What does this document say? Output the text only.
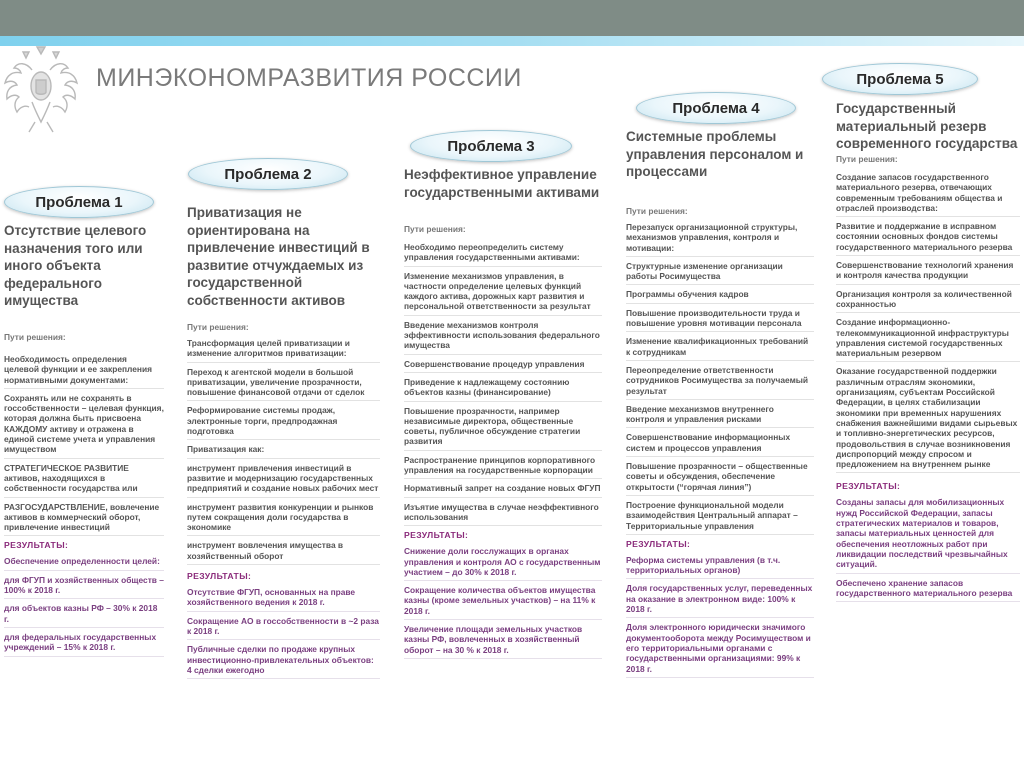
МИНЭКОНОМРАЗВИТИЯ РОССИИ
Проблема 1
Проблема 2
Проблема 3
Проблема 4
Проблема 5
Отсутствие целевого назначения того или иного объекта федерального имущества
Пути решения:
Необходимость определения целевой функции и ее закрепления нормативными документами:
Сохранять или не сохранять в госсобственности – целевая функция, которая должна быть присвоена КАЖДОМУ активу и отражена в единой системе учета и управления имуществом
СТРАТЕГИЧЕСКОЕ РАЗВИТИЕ активов, находящихся в собственности государства или
РАЗГОСУДАРСТВЛЕНИЕ, вовлечение активов в коммерческий оборот, привлечение инвестиций
РЕЗУЛЬТАТЫ:
Обеспечение определенности целей:
для ФГУП и хозяйственных обществ – 100% к 2018 г.
для объектов казны РФ – 30% к 2018 г.
для федеральных государственных учреждений – 15% к 2018 г.
Приватизация не ориентирована на привлечение инвестиций в развитие отчуждаемых из государственной собственности активов
Пути решения:
Трансформация целей приватизации и изменение алгоритмов приватизации:
Переход к агентской модели в большой приватизации, увеличение прозрачности, повышение финансовой отдачи от сделок
Реформирование системы продаж, электронные торги, предпродажная подготовка
Приватизация как:
инструмент привлечения инвестиций в развитие и модернизацию государственных предприятий и создание новых рабочих мест
инструмент развития конкуренции и рынков путем сокращения доли государства в экономике
инструмент вовлечения имущества в хозяйственный оборот
РЕЗУЛЬТАТЫ:
Отсутствие ФГУП, основанных на праве хозяйственного ведения к 2018 г.
Сокращение АО в госсобственности в ~2 раза к 2018 г.
Публичные сделки по продаже крупных инвестиционно-привлекательных объектов: 4 сделки ежегодно
Неэффективное управление государственными активами
Пути решения:
Необходимо переопределить систему управления государственными активами:
Изменение механизмов управления, в частности определение целевых функций каждого актива, дорожных карт развития и персональной ответственности за результат
Введение механизмов контроля эффективности использования федерального имущества
Совершенствование процедур управления
Приведение к надлежащему состоянию объектов казны (финансирование)
Повышение прозрачности, например независимые директора, общественные советы, публичное обсуждение стратегии развития
Распространение принципов корпоративного управления на государственные корпорации
Нормативный запрет на создание новых ФГУП
Изъятие имущества в случае неэффективного использования
РЕЗУЛЬТАТЫ:
Снижение доли госслужащих в органах управления и контроля АО с государственным участием – до 30% к 2018 г.
Сокращение количества объектов имущества казны (кроме земельных участков) – на 11% к 2018 г.
Увеличение площади земельных участков казны РФ, вовлеченных в хозяйственный оборот – на 30 % к 2018 г.
Системные проблемы управления персоналом и процессами
Пути решения:
Перезапуск организационной структуры, механизмов управления, контроля и мотивации:
Структурные изменение организации работы Росимущества
Программы обучения кадров
Повышение производительности труда и повышение уровня мотивации персонала
Изменение квалификационных требований к сотрудникам
Переопределение ответственности сотрудников Росимущества за получаемый результат
Введение механизмов внутреннего контроля и управления рисками
Совершенствование информационных систем и процессов управления
Повышение прозрачности – общественные советы и обсуждения, обеспечение открытости (“горячая линия”)
Построение функциональной модели взаимодействия Центральный аппарат – Территориальные управления
РЕЗУЛЬТАТЫ:
Реформа системы управления (в т.ч. территориальных органов)
Доля государственных услуг, переведенных на оказание в электронном виде: 100% к 2018 г.
Доля электронного юридически значимого документооборота между Росимуществом и его территориальными органами с государственными организациями: 99% к 2018 г.
Государственный материальный резерв современного государства
Пути решения:
Создание запасов государственного материального резерва, отвечающих современным требованиям общества и отраслей производства:
Развитие и поддержание в исправном состоянии основных фондов системы государственного материального резерва
Совершенствование технологий хранения и контроля качества продукции
Организация контроля за количественной сохранностью
Создание информационно-телекоммуникационной инфраструктуры управления системой государственных материальным резервом
Оказание государственной поддержки различным отраслям экономики, организациям, субъектам Российской Федерации, в целях стабилизации экономики при временных нарушениях снабжения важнейшими видами сырьевых и топливно-энергетических ресурсов, продовольствия в случае возникновения диспропорций между спросом и предложением на внутреннем рынке
РЕЗУЛЬТАТЫ:
Созданы запасы для мобилизационных нужд Российской Федерации, запасы стратегических материалов и товаров, запасы материальных ценностей для обеспечения неотложных работ при ликвидации последствий чрезвычайных ситуаций.
Обеспечено хранение запасов государственного материального резерва
